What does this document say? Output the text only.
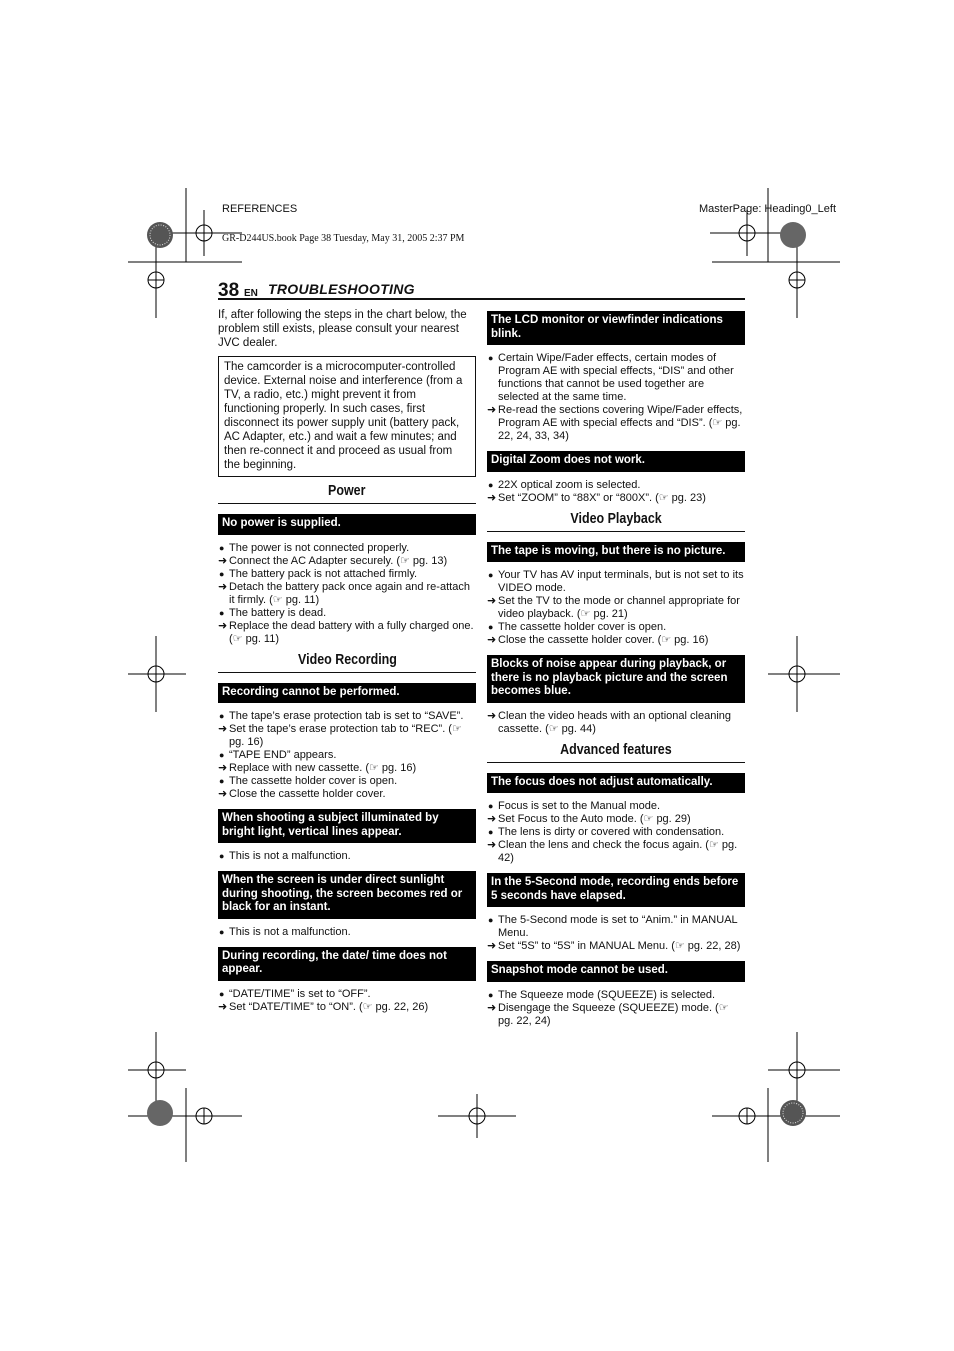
REFERENCES	MasterPage: Heading0_Left
GR-D244US.book Page 38 Tuesday, May 31, 2005 2:37 PM
38 EN TROUBLESHOOTING

If, after following the steps in the chart below, the problem still exists, please consult your nearest JVC dealer.

The camcorder is a microcomputer-controlled device. External noise and interference (from a TV, a radio, etc.) might prevent it from functioning properly. In such cases, first disconnect its power supply unit (battery pack, AC Adapter, etc.) and wait a few minutes; and then re-connect it and proceed as usual from the beginning.
Power
No power is supplied.
● The power is not connected properly.
➜ Connect the AC Adapter securely. (☞ pg. 13)
● The battery pack is not attached firmly.
➜ Detach the battery pack once again and re-attach it firmly. (☞ pg. 11)
● The battery is dead.
➜ Replace the dead battery with a fully charged one. (☞ pg. 11)
Video Recording
Recording cannot be performed.
● The tape’s erase protection tab is set to “SAVE”.
➜ Set the tape’s erase protection tab to “REC”. (☞ pg. 16)
● “TAPE END” appears.
➜ Replace with new cassette. (☞ pg. 16)
● The cassette holder cover is open.
➜ Close the cassette holder cover.
When shooting a subject illuminated by bright light, vertical lines appear.
● This is not a malfunction.
When the screen is under direct sunlight during shooting, the screen becomes red or black for an instant.
● This is not a malfunction.
During recording, the date/ time does not appear.
● “DATE/TIME” is set to “OFF”.
➜ Set “DATE/TIME” to “ON”. (☞ pg. 22, 26)
The LCD monitor or viewfinder indications blink.
● Certain Wipe/Fader effects, certain modes of Program AE with special effects, “DIS” and other functions that cannot be used together are selected at the same time.
➜ Re-read the sections covering Wipe/Fader effects, Program AE with special effects and “DIS”. (☞ pg. 22, 24, 33, 34)
Digital Zoom does not work.
● 22X optical zoom is selected.
➜ Set “ZOOM” to “88X” or “800X”. (☞ pg. 23)
Video Playback
The tape is moving, but there is no picture.
● Your TV has AV input terminals, but is not set to its VIDEO mode.
➜ Set the TV to the mode or channel appropriate for video playback. (☞ pg. 21)
● The cassette holder cover is open.
➜ Close the cassette holder cover. (☞ pg. 16)
Blocks of noise appear during playback, or there is no playback picture and the screen becomes blue.
➜ Clean the video heads with an optional cleaning cassette. (☞ pg. 44)
Advanced features
The focus does not adjust automatically.
● Focus is set to the Manual mode.
➜ Set Focus to the Auto mode. (☞ pg. 29)
● The lens is dirty or covered with condensation.
➜ Clean the lens and check the focus again. (☞ pg. 42)
In the 5-Second mode, recording ends before 5 seconds have elapsed.
● The 5-Second mode is set to “Anim.” in MANUAL Menu.
➜ Set “5S” to “5S” in MANUAL Menu. (☞ pg. 22, 28)
Snapshot mode cannot be used.
● The Squeeze mode (SQUEEZE) is selected.
➜ Disengage the Squeeze (SQUEEZE) mode. (☞ pg. 22, 24)
